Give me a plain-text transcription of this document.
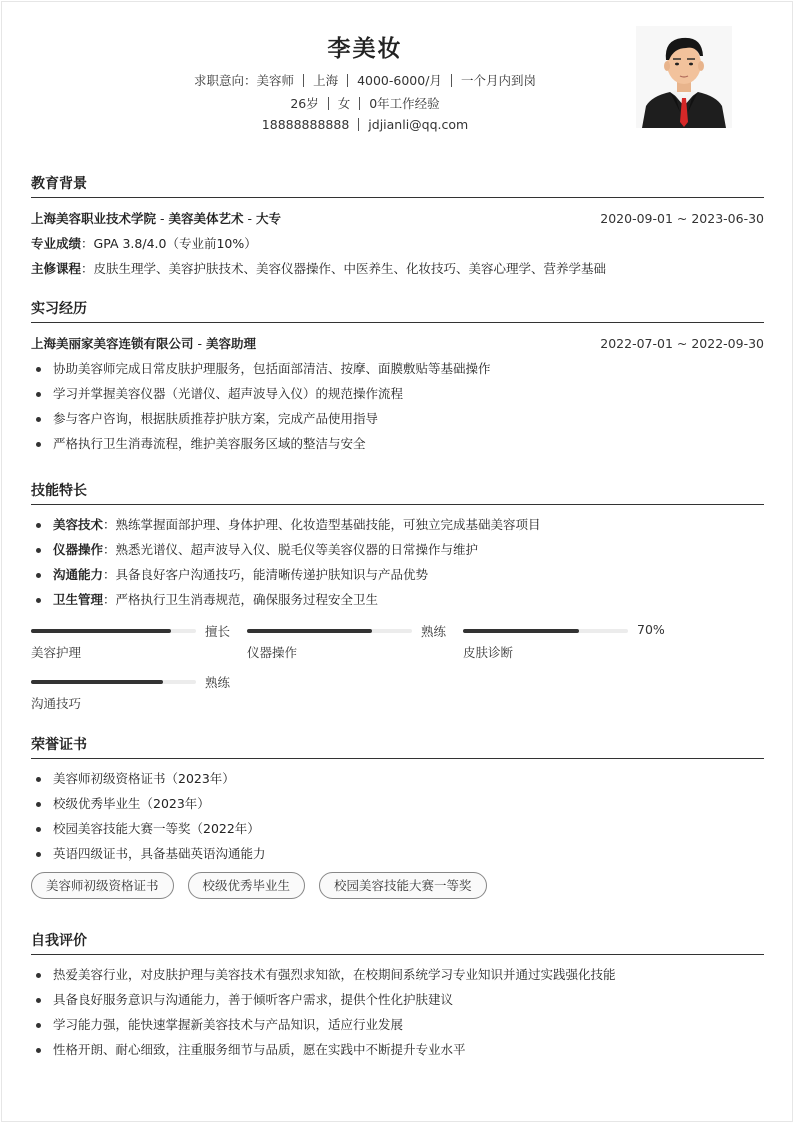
李美妆
求职意向：美容师 上海 4000-6000/月 一个月内到岗
26岁 女 0年工作经验
18888888888 jdjianli@qq.com
教育背景
上海美容职业技术学院 - 美容美体艺术 - 大专	2020-09-01 ~ 2023-06-30
专业成绩：GPA 3.8/4.0（专业前10%）
主修课程：皮肤生理学、美容护肤技术、美容仪器操作、中医养生、化妆技巧、美容心理学、营养学基础
实习经历
上海美丽家美容连锁有限公司 - 美容助理	2022-07-01 ~ 2022-09-30
协助美容师完成日常皮肤护理服务，包括面部清洁、按摩、面膜敷贴等基础操作
学习并掌握美容仪器（光谱仪、超声波导入仪）的规范操作流程
参与客户咨询，根据肤质推荐护肤方案，完成产品使用指导
严格执行卫生消毒流程，维护美容服务区域的整洁与安全
技能特长
美容技术：熟练掌握面部护理、身体护理、化妆造型基础技能，可独立完成基础美容项目
仪器操作：熟悉光谱仪、超声波导入仪、脱毛仪等美容仪器的日常操作与维护
沟通能力：具备良好客户沟通技巧，能清晰传递护肤知识与产品优势
卫生管理：严格执行卫生消毒规范，确保服务过程安全卫生
擅长
美容护理
熟练
仪器操作
70%
皮肤诊断
熟练
沟通技巧
荣誉证书
美容师初级资格证书（2023年）
校级优秀毕业生（2023年）
校园美容技能大赛一等奖（2022年）
英语四级证书，具备基础英语沟通能力
美容师初级资格证书	校级优秀毕业生	校园美容技能大赛一等奖
自我评价
热爱美容行业，对皮肤护理与美容技术有强烈求知欲，在校期间系统学习专业知识并通过实践强化技能
具备良好服务意识与沟通能力，善于倾听客户需求，提供个性化护肤建议
学习能力强，能快速掌握新美容技术与产品知识，适应行业发展
性格开朗、耐心细致，注重服务细节与品质，愿在实践中不断提升专业水平
